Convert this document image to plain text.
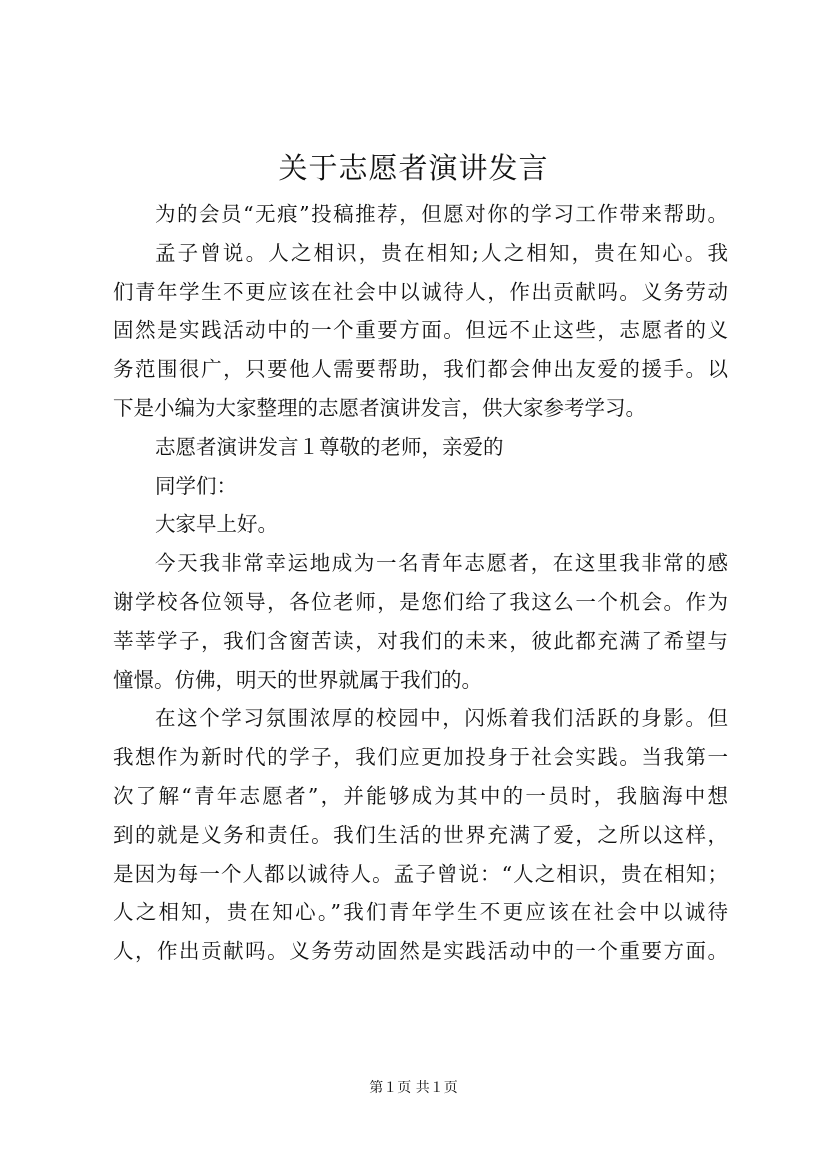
关于志愿者演讲发言
为的会员“无痕”投稿推荐，但愿对你的学习工作带来帮助。
孟子曾说。人之相识，贵在相知;人之相知，贵在知心。我
们青年学生不更应该在社会中以诚待人，作出贡献吗。义务劳动
固然是实践活动中的一个重要方面。但远不止这些，志愿者的义
务范围很广，只要他人需要帮助，我们都会伸出友爱的援手。以
下是小编为大家整理的志愿者演讲发言，供大家参考学习。
志愿者演讲发言１尊敬的老师，亲爱的
同学们：
大家早上好。
今天我非常幸运地成为一名青年志愿者，在这里我非常的感
谢学校各位领导，各位老师，是您们给了我这么一个机会。作为
莘莘学子，我们含窗苦读，对我们的未来，彼此都充满了希望与
憧憬。仿佛，明天的世界就属于我们的。
在这个学习氛围浓厚的校园中，闪烁着我们活跃的身影。但
我想作为新时代的学子，我们应更加投身于社会实践。当我第一
次了解“青年志愿者”，并能够成为其中的一员时，我脑海中想
到的就是义务和责任。我们生活的世界充满了爱，之所以这样，
是因为每一个人都以诚待人。孟子曾说：“人之相识，贵在相知；
人之相知，贵在知心。”我们青年学生不更应该在社会中以诚待
人，作出贡献吗。义务劳动固然是实践活动中的一个重要方面。
第１页 共１页
